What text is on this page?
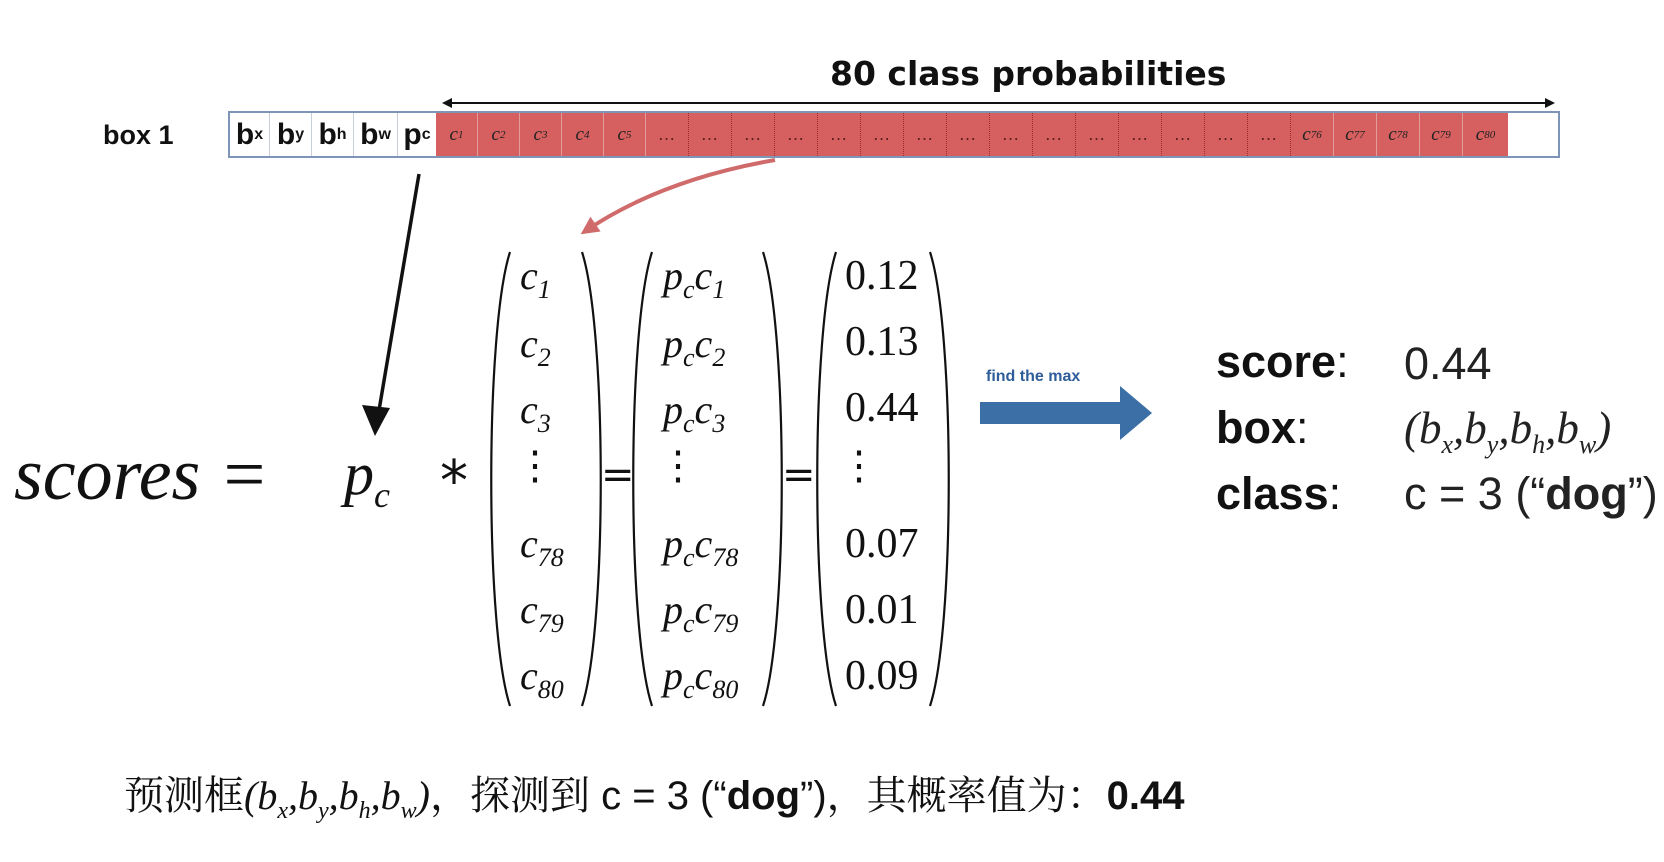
80 class probabilities
box 1 b x b y b h b w p c c 1 c 2 c 3 c 4 c 5	…	…	…	…	…	…	…	…	…	…	…	…	…	…	…	c 76 c 77 c 78 c 79 c 80
scores = $p_c$ *
$c_1$
$c_2$
$c_3$
⋮
$c_{78}$
$c_{79}$
$c_{80}$
=
$p_cc_1$
$p_cc_2$
$p_cc_3$
⋮
$p_cc_{78}$
$p_cc_{79}$
$p_cc_{80}$
=
0.12
0.13
0.44
⋮
0.07
0.01
0.09
find the max	score: 0.44
box: $(b_x,b_y,b_h,b_w)$
class: c = 3 (“dog”)
预测框$(b_x,b_y,b_h,b_w)$，探测到 c = 3 (“dog”)，其概率值为：0.44
